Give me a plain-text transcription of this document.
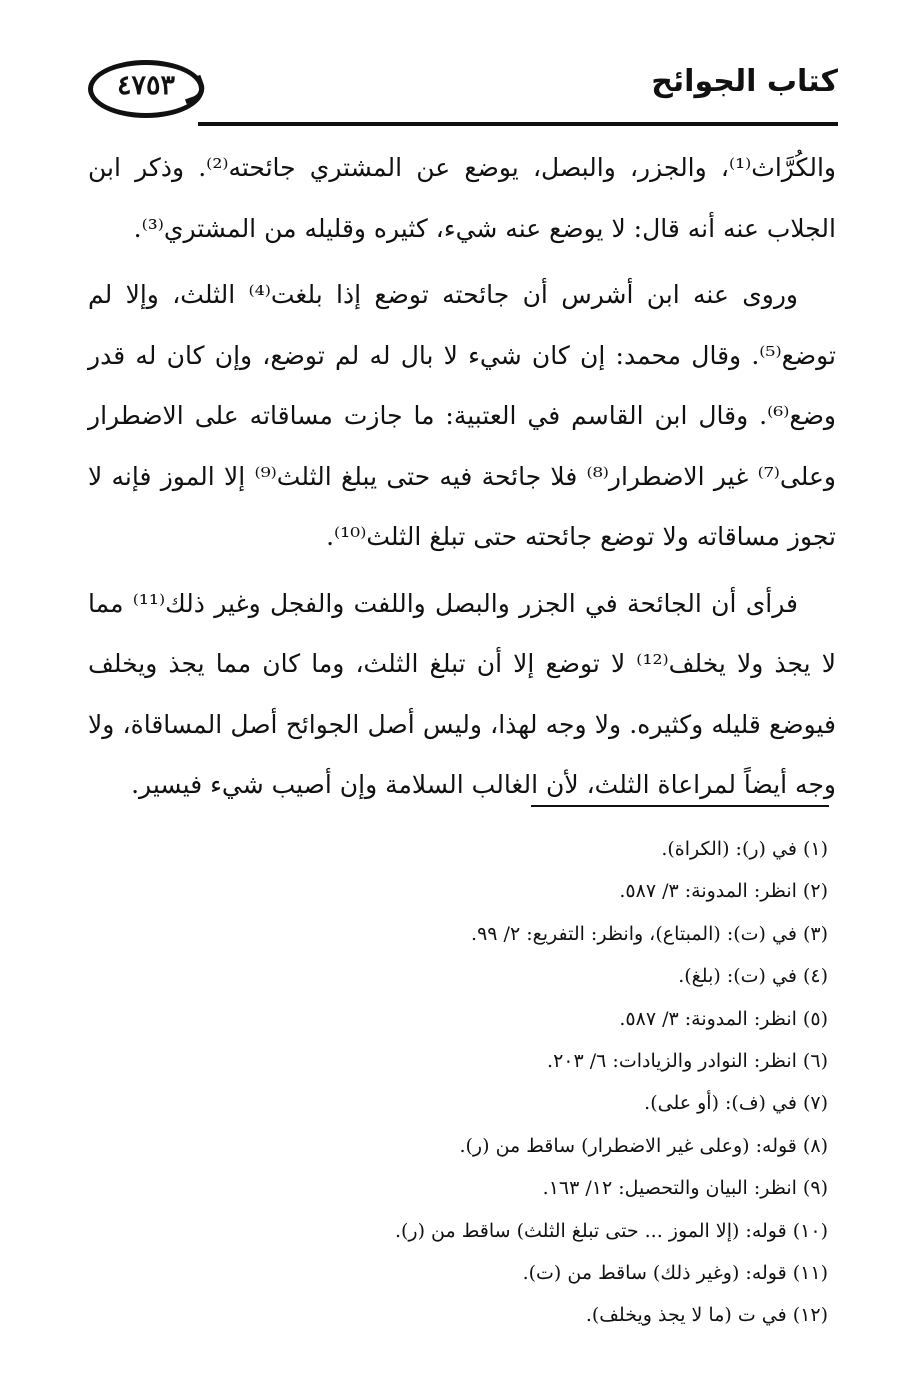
٤٧٥٣	كتاب الجوائح

والكُرَّاث⁽¹⁾، والجزر، والبصل، يوضع عن المشتري جائحته⁽²⁾. وذكر ابن الجلاب عنه أنه قال: لا يوضع عنه شيء، كثيره وقليله من المشتري⁽³⁾.

وروى عنه ابن أشرس أن جائحته توضع إذا بلغت⁽⁴⁾ الثلث، وإلا لم توضع⁽⁵⁾. وقال محمد: إن كان شيء لا بال له لم توضع، وإن كان له قدر وضع⁽⁶⁾. وقال ابن القاسم في العتبية: ما جازت مساقاته على الاضطرار وعلى⁽⁷⁾ غير الاضطرار⁽⁸⁾ فلا جائحة فيه حتى يبلغ الثلث⁽⁹⁾ إلا الموز فإنه لا تجوز مساقاته ولا توضع جائحته حتى تبلغ الثلث⁽¹⁰⁾.

فرأى أن الجائحة في الجزر والبصل واللفت والفجل وغير ذلك⁽¹¹⁾ مما لا يجذ ولا يخلف⁽¹²⁾ لا توضع إلا أن تبلغ الثلث، وما كان مما يجذ ويخلف فيوضع قليله وكثيره. ولا وجه لهذا، وليس أصل الجوائح أصل المساقاة، ولا وجه أيضاً لمراعاة الثلث، لأن الغالب السلامة وإن أصيب شيء فيسير.

(١) في (ر): (الكراة).
(٢) انظر: المدونة: ٣/ ٥٨٧.
(٣) في (ت): (المبتاع)، وانظر: التفريع: ٢/ ٩٩.
(٤) في (ت): (بلغ).
(٥) انظر: المدونة: ٣/ ٥٨٧.
(٦) انظر: النوادر والزيادات: ٦/ ٢٠٣.
(٧) في (ف): (أو على).
(٨) قوله: (وعلى غير الاضطرار) ساقط من (ر).
(٩) انظر: البيان والتحصيل: ١٢/ ١٦٣.
(١٠) قوله: (إلا الموز ... حتى تبلغ الثلث) ساقط من (ر).
(١١) قوله: (وغير ذلك) ساقط من (ت).
(١٢) في ت (ما لا يجذ ويخلف).
